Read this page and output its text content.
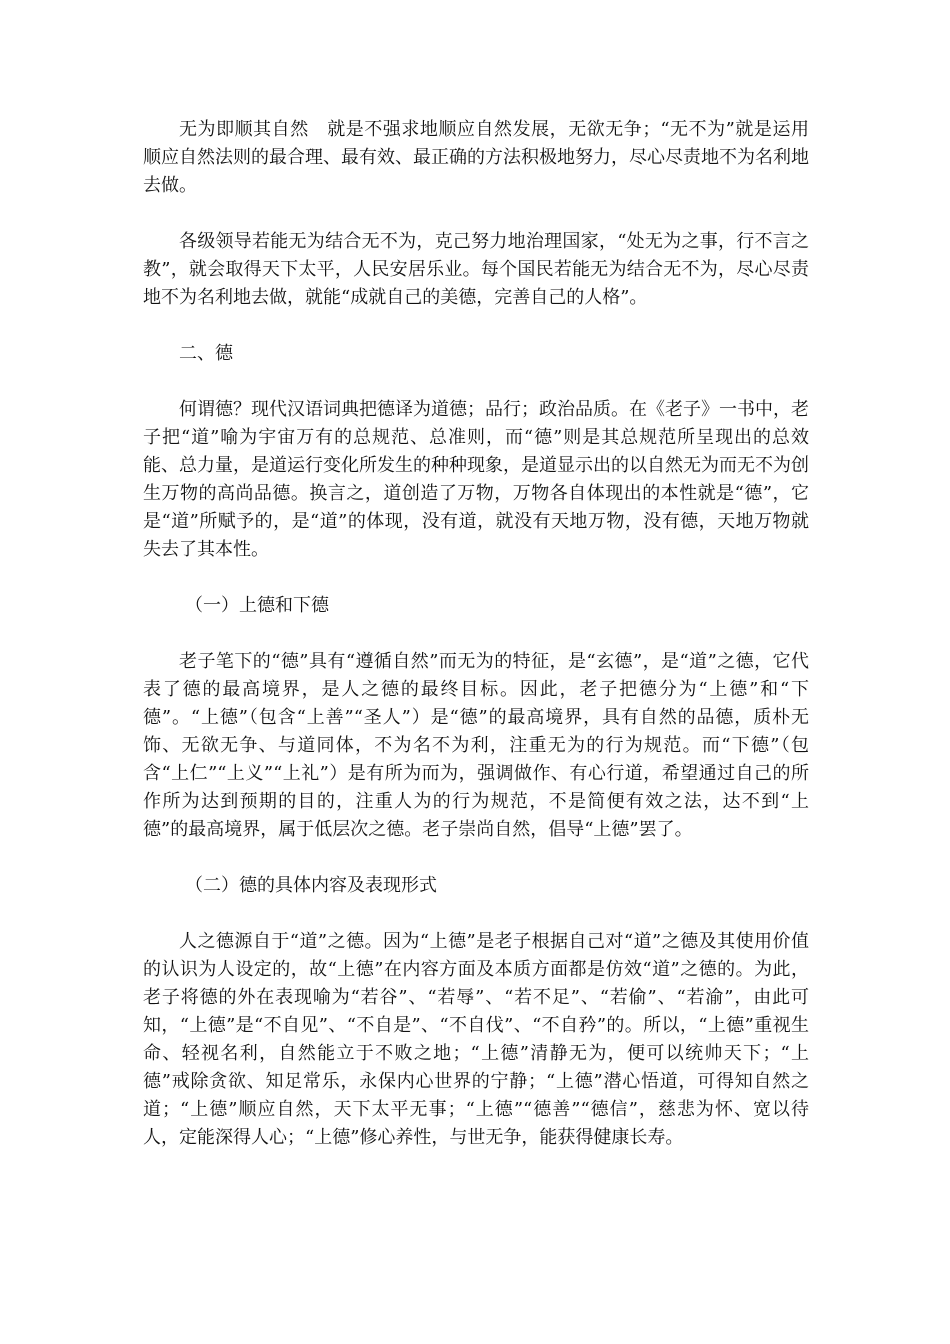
无为即顺其自然　就是不强求地顺应自然发展，无欲无争；“无不为”就是运用顺应自然法则的最合理、最有效、最正确的方法积极地努力，尽心尽责地不为名利地去做。

各级领导若能无为结合无不为，克己努力地治理国家，“处无为之事，行不言之教”，就会取得天下太平，人民安居乐业。每个国民若能无为结合无不为，尽心尽责地不为名利地去做，就能“成就自己的美德，完善自己的人格”。

二、德

何谓德？现代汉语词典把德译为道德；品行；政治品质。在《老子》一书中，老子把“道”喻为宇宙万有的总规范、总准则，而“德”则是其总规范所呈现出的总效能、总力量，是道运行变化所发生的种种现象，是道显示出的以自然无为而无不为创生万物的高尚品德。换言之，道创造了万物，万物各自体现出的本性就是“德”，它是“道”所赋予的，是“道”的体现，没有道，就没有天地万物，没有德，天地万物就失去了其本性。

（一）上德和下德

老子笔下的“德”具有“遵循自然”而无为的特征，是“玄德”，是“道”之德，它代表了德的最高境界，是人之德的最终目标。因此，老子把德分为“上德”和“下德”。“上德”（包含“上善”“圣人”）是“德”的最高境界，具有自然的品德，质朴无饰、无欲无争、与道同体，不为名不为利，注重无为的行为规范。而“下德”（包含“上仁”“上义”“上礼”）是有所为而为，强调做作、有心行道，希望通过自己的所作所为达到预期的目的，注重人为的行为规范，不是简便有效之法，达不到“上德”的最高境界，属于低层次之德。老子崇尚自然，倡导“上德”罢了。

（二）德的具体内容及表现形式

人之德源自于“道”之德。因为“上德”是老子根据自己对“道”之德及其使用价值的认识为人设定的，故“上德”在内容方面及本质方面都是仿效“道”之德的。为此，老子将德的外在表现喻为“若谷”、“若辱”、“若不足”、“若偷”、“若渝”，由此可知，“上德”是“不自见”、“不自是”、“不自伐”、“不自矜”的。所以，“上德”重视生命、轻视名利，自然能立于不败之地；“上德”清静无为，便可以统帅天下；“上德”戒除贪欲、知足常乐，永保内心世界的宁静；“上德”潜心悟道，可得知自然之道；“上德”顺应自然，天下太平无事；“上德”“德善”“德信”，慈悲为怀、宽以待人，定能深得人心；“上德”修心养性，与世无争，能获得健康长寿。
